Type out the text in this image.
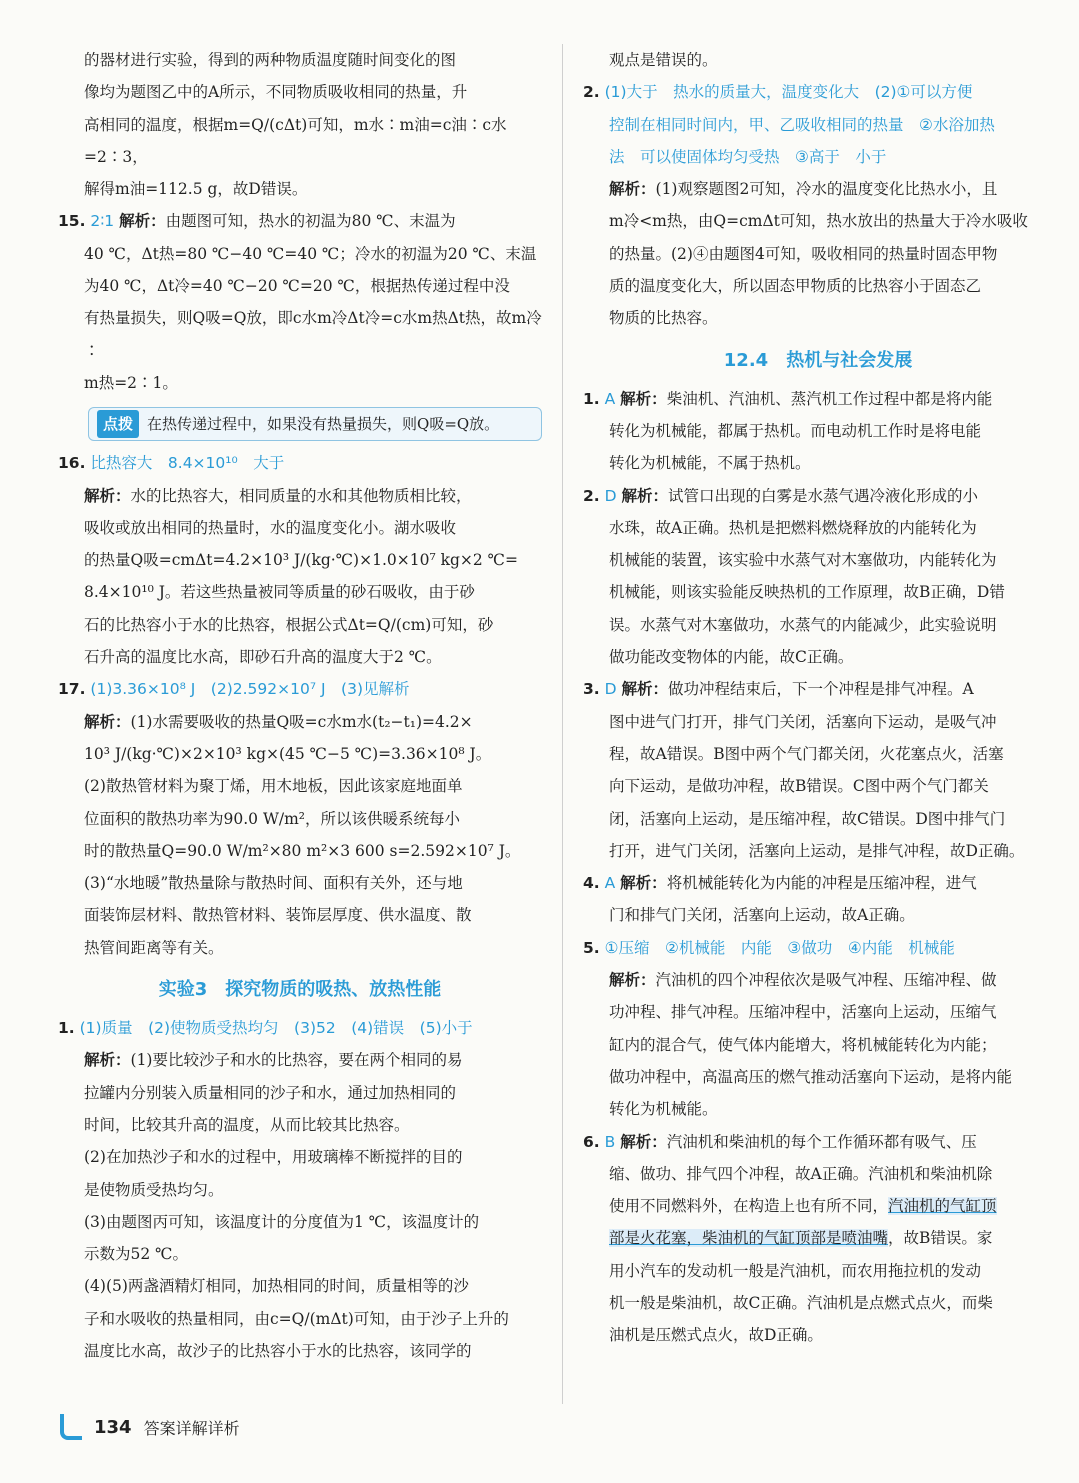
的器材进行实验，得到的两种物质温度随时间变化的图

像均为题图乙中的A所示，不同物质吸收相同的热量，升

高相同的温度，根据m=Q/(cΔt)可知，m水∶m油=c油∶c水=2∶3，

解得m油=112.5 g，故D错误。

15. 2∶1 解析：由题图可知，热水的初温为80 ℃、末温为

40 ℃，Δt热=80 ℃−40 ℃=40 ℃；冷水的初温为20 ℃、末温

为40 ℃，Δt冷=40 ℃−20 ℃=20 ℃，根据热传递过程中没

有热量损失，则Q吸=Q放，即c水m冷Δt冷=c水m热Δt热，故m冷∶

m热=2∶1。

点拨 在热传递过程中，如果没有热量损失，则Q吸=Q放。

16. 比热容大　8.4×10¹⁰　大于

解析：水的比热容大，相同质量的水和其他物质相比较，

吸收或放出相同的热量时，水的温度变化小。湖水吸收

的热量Q吸=cmΔt=4.2×10³ J/(kg·℃)×1.0×10⁷ kg×2 ℃=

8.4×10¹⁰ J。若这些热量被同等质量的砂石吸收，由于砂

石的比热容小于水的比热容，根据公式Δt=Q/(cm)可知，砂

石升高的温度比水高，即砂石升高的温度大于2 ℃。

17. (1)3.36×10⁸ J　(2)2.592×10⁷ J　(3)见解析

解析：(1)水需要吸收的热量Q吸=c水m水(t₂−t₁)=4.2×

10³ J/(kg·℃)×2×10³ kg×(45 ℃−5 ℃)=3.36×10⁸ J。

(2)散热管材料为聚丁烯，用木地板，因此该家庭地面单

位面积的散热功率为90.0 W/m²，所以该供暖系统每小

时的散热量Q=90.0 W/m²×80 m²×3 600 s=2.592×10⁷ J。

(3)“水地暖”散热量除与散热时间、面积有关外，还与地

面装饰层材料、散热管材料、装饰层厚度、供水温度、散

热管间距离等有关。

实验3　探究物质的吸热、放热性能

1. (1)质量　(2)使物质受热均匀　(3)52　(4)错误　(5)小于

解析：(1)要比较沙子和水的比热容，要在两个相同的易

拉罐内分别装入质量相同的沙子和水，通过加热相同的

时间，比较其升高的温度，从而比较其比热容。

(2)在加热沙子和水的过程中，用玻璃棒不断搅拌的目的

是使物质受热均匀。

(3)由题图丙可知，该温度计的分度值为1 ℃，该温度计的

示数为52 ℃。

(4)(5)两盏酒精灯相同，加热相同的时间，质量相等的沙

子和水吸收的热量相同，由c=Q/(mΔt)可知，由于沙子上升的

温度比水高，故沙子的比热容小于水的比热容，该同学的

观点是错误的。

2. (1)大于　热水的质量大，温度变化大　(2)①可以方便

控制在相同时间内，甲、乙吸收相同的热量　②水浴加热

法　可以使固体均匀受热　③高于　小于

解析：(1)观察题图2可知，冷水的温度变化比热水小，且

m冷<m热，由Q=cmΔt可知，热水放出的热量大于冷水吸收

的热量。(2)④由题图4可知，吸收相同的热量时固态甲物

质的温度变化大，所以固态甲物质的比热容小于固态乙

物质的比热容。

12.4　热机与社会发展

1. A 解析：柴油机、汽油机、蒸汽机工作过程中都是将内能

转化为机械能，都属于热机。而电动机工作时是将电能

转化为机械能，不属于热机。

2. D 解析：试管口出现的白雾是水蒸气遇冷液化形成的小

水珠，故A正确。热机是把燃料燃烧释放的内能转化为

机械能的装置，该实验中水蒸气对木塞做功，内能转化为

机械能，则该实验能反映热机的工作原理，故B正确，D错

误。水蒸气对木塞做功，水蒸气的内能减少，此实验说明

做功能改变物体的内能，故C正确。

3. D 解析：做功冲程结束后，下一个冲程是排气冲程。A

图中进气门打开，排气门关闭，活塞向下运动，是吸气冲

程，故A错误。B图中两个气门都关闭，火花塞点火，活塞

向下运动，是做功冲程，故B错误。C图中两个气门都关

闭，活塞向上运动，是压缩冲程，故C错误。D图中排气门

打开，进气门关闭，活塞向上运动，是排气冲程，故D正确。

4. A 解析：将机械能转化为内能的冲程是压缩冲程，进气

门和排气门关闭，活塞向上运动，故A正确。

5. ①压缩　②机械能　内能　③做功　④内能　机械能

解析：汽油机的四个冲程依次是吸气冲程、压缩冲程、做

功冲程、排气冲程。压缩冲程中，活塞向上运动，压缩气

缸内的混合气，使气体内能增大，将机械能转化为内能；

做功冲程中，高温高压的燃气推动活塞向下运动，是将内能

转化为机械能。

6. B 解析：汽油机和柴油机的每个工作循环都有吸气、压

缩、做功、排气四个冲程，故A正确。汽油机和柴油机除

使用不同燃料外，在构造上也有所不同，汽油机的气缸顶

部是火花塞，柴油机的气缸顶部是喷油嘴，故B错误。家

用小汽车的发动机一般是汽油机，而农用拖拉机的发动

机一般是柴油机，故C正确。汽油机是点燃式点火，而柴

油机是压燃式点火，故D正确。

134 答案详解详析
